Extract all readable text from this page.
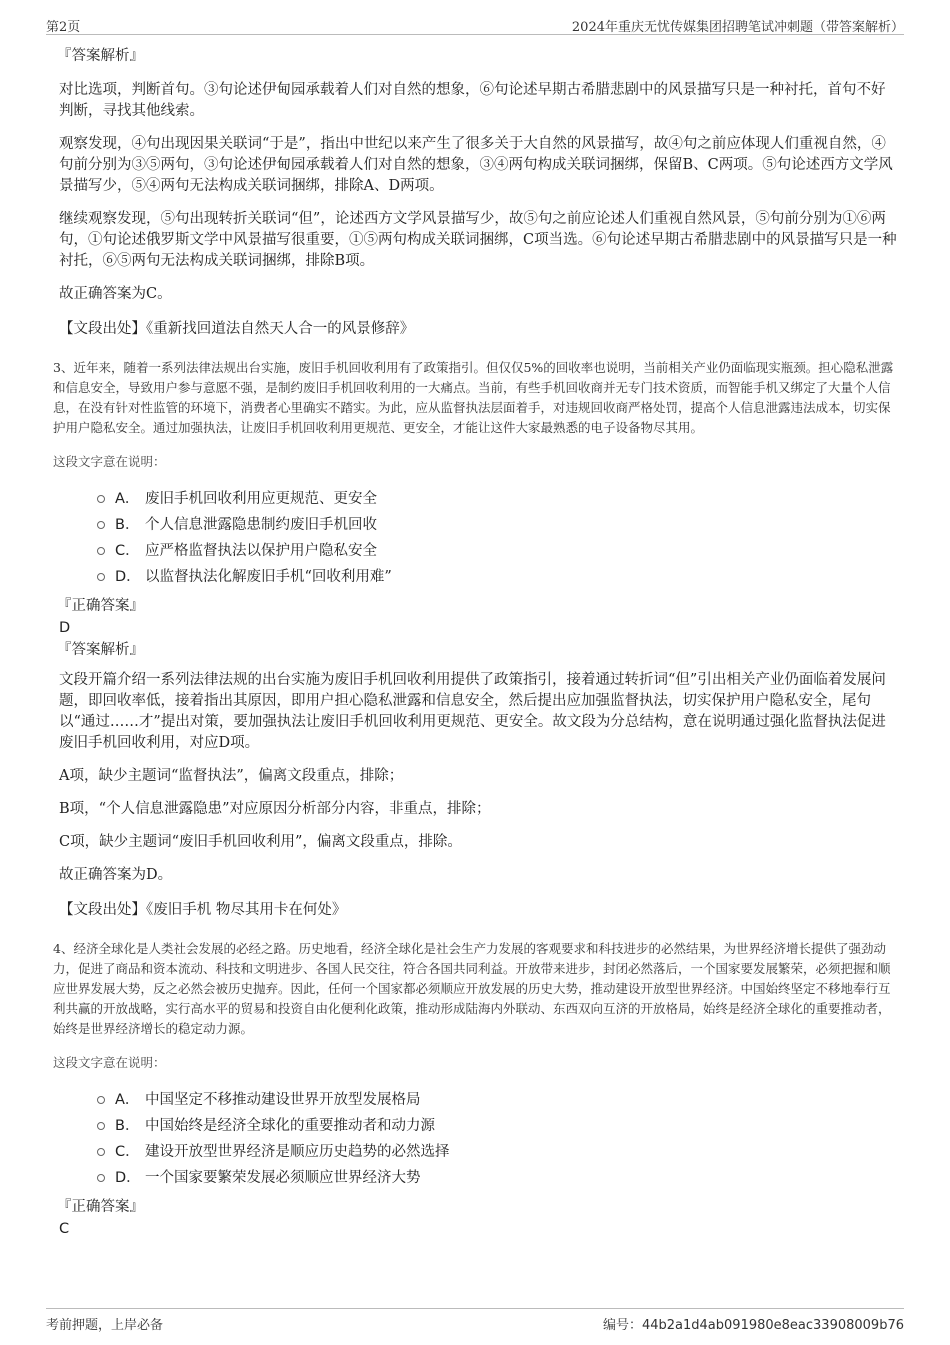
第2页	2024年重庆无忧传媒集团招聘笔试冲刺题（带答案解析）
『答案解析』

对比选项，判断首句。③句论述伊甸园承载着人们对自然的想象，⑥句论述早期古希腊悲剧中的风景描写只是一种衬托，首句不好判断，寻找其他线索。

观察发现，④句出现因果关联词“于是”，指出中世纪以来产生了很多关于大自然的风景描写，故④句之前应体现人们重视自然，④句前分别为③⑤两句，③句论述伊甸园承载着人们对自然的想象，③④两句构成关联词捆绑，保留B、C两项。⑤句论述西方文学风景描写少，⑤④两句无法构成关联词捆绑，排除A、D两项。

继续观察发现，⑤句出现转折关联词“但”，论述西方文学风景描写少，故⑤句之前应论述人们重视自然风景，⑤句前分别为①⑥两句，①句论述俄罗斯文学中风景描写很重要，①⑤两句构成关联词捆绑，C项当选。⑥句论述早期古希腊悲剧中的风景描写只是一种衬托，⑥⑤两句无法构成关联词捆绑，排除B项。

故正确答案为C。

【文段出处】《重新找回道法自然天人合一的风景修辞》

3、近年来，随着一系列法律法规出台实施，废旧手机回收利用有了政策指引。但仅仅5%的回收率也说明，当前相关产业仍面临现实瓶颈。担心隐私泄露和信息安全，导致用户参与意愿不强，是制约废旧手机回收利用的一大痛点。当前，有些手机回收商并无专门技术资质，而智能手机又绑定了大量个人信息，在没有针对性监管的环境下，消费者心里确实不踏实。为此，应从监督执法层面着手，对违规回收商严格处罚，提高个人信息泄露违法成本，切实保护用户隐私安全。通过加强执法，让废旧手机回收利用更规范、更安全，才能让这件大家最熟悉的电子设备物尽其用。

这段文字意在说明：

A． 废旧手机回收利用应更规范、更安全
B． 个人信息泄露隐患制约废旧手机回收
C． 应严格监督执法以保护用户隐私安全
D． 以监督执法化解废旧手机“回收利用难”
『正确答案』
D
『答案解析』

文段开篇介绍一系列法律法规的出台实施为废旧手机回收利用提供了政策指引，接着通过转折词“但”引出相关产业仍面临着发展问题，即回收率低，接着指出其原因，即用户担心隐私泄露和信息安全，然后提出应加强监督执法，切实保护用户隐私安全，尾句以“通过……才”提出对策，要加强执法让废旧手机回收利用更规范、更安全。故文段为分总结构，意在说明通过强化监督执法促进废旧手机回收利用，对应D项。

A项，缺少主题词“监督执法”，偏离文段重点，排除；

B项，“个人信息泄露隐患”对应原因分析部分内容，非重点，排除；

C项，缺少主题词“废旧手机回收利用”，偏离文段重点，排除。

故正确答案为D。

【文段出处】《废旧手机 物尽其用卡在何处》

4、经济全球化是人类社会发展的必经之路。历史地看，经济全球化是社会生产力发展的客观要求和科技进步的必然结果，为世界经济增长提供了强劲动力，促进了商品和资本流动、科技和文明进步、各国人民交往，符合各国共同利益。开放带来进步，封闭必然落后，一个国家要发展繁荣，必须把握和顺应世界发展大势，反之必然会被历史抛弃。因此，任何一个国家都必须顺应开放发展的历史大势，推动建设开放型世界经济。中国始终坚定不移地奉行互利共赢的开放战略，实行高水平的贸易和投资自由化便利化政策，推动形成陆海内外联动、东西双向互济的开放格局，始终是经济全球化的重要推动者，始终是世界经济增长的稳定动力源。

这段文字意在说明：

A． 中国坚定不移推动建设世界开放型发展格局
B． 中国始终是经济全球化的重要推动者和动力源
C． 建设开放型世界经济是顺应历史趋势的必然选择
D． 一个国家要繁荣发展必须顺应世界经济大势
『正确答案』
C
考前押题，上岸必备	编号：44b2a1d4ab091980e8eac33908009b76
